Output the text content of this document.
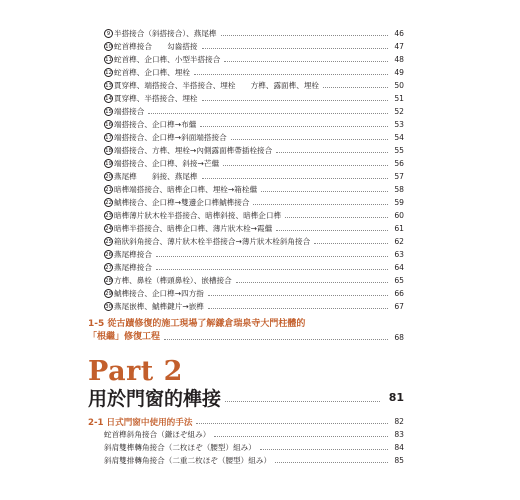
9 半搭接合（斜搭接合）、燕尾榫	46
10 蛇首榫接合　　勾齒搭接	47
11 蛇首榫、企口榫、小型半搭接合	48
12 蛇首榫、企口榫、埋栓	49
13 貫穿榫、端搭接合、半搭接合、埋栓　　方榫、露面榫、埋栓	50
14 貫穿榫、半搭接合、埋栓	51
15 端搭接合	52
16 端搭接合、企口榫→布繼	53
17 端搭接合、企口榫→斜面端搭接合	54
18 端搭接合、方榫、埋栓→內側露面榫帶插栓接合	55
19 端搭接合、企口榫、斜接→芒繼	56
20 燕尾榫　　斜接、燕尾榫	57
21 暗榫端搭接合、暗榫企口榫、埋栓→箱栓繼	58
22 鯱榫接合、企口榫→雙邊企口榫鯱榫接合	59
23 暗榫薄片狀木栓半搭接合、暗榫斜接、暗榫企口榫	60
24 暗榫半搭接合、暗榫企口榫、薄片狀木栓→霞繼	61
25 箱狀斜角接合、薄片狀木栓半搭接合→薄片狀木栓斜角接合	62
26 燕尾榫接合	63
27 燕尾榫接合	64
28 方榫、鼻栓（榫頭鼻栓）、嵌槽接合	65
29 鯱榫接合、企口榫→四方指	66
30 燕尾嵌榫、鯱榫鍵片→嵌榫	67
1-5 從古蹟修復的施工現場了解鎌倉瑞泉寺大門柱體的
「根繼」修復工程	68
Part 2
用於門窗的榫接	81
2-1 日式門窗中使用的手法	82
蛇首榫斜角接合（鎌ほぞ組み）	83
斜肩雙榫轉角接合（二枚ほぞ（腰型）組み）	84
斜肩雙排轉角接合（二重二枚ほぞ（腰型）組み）	85
